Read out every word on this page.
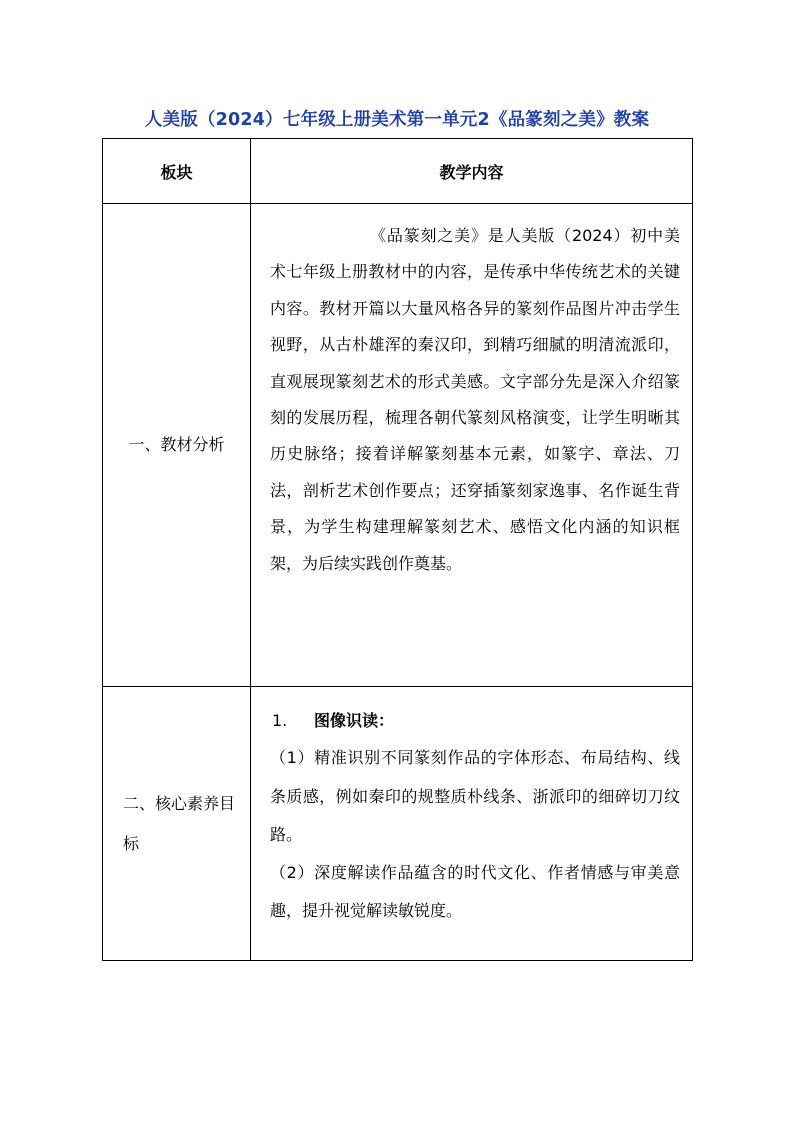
人美版（2024）七年级上册美术第一单元2《品篆刻之美》教案
板块	教学内容
一、教材分析	《品篆刻之美》是人美版（2024）初中美术七年级上册教材中的内容，是传承中华传统艺术的关键内容。教材开篇以大量风格各异的篆刻作品图片冲击学生视野，从古朴雄浑的秦汉印，到精巧细腻的明清流派印，直观展现篆刻艺术的形式美感。文字部分先是深入介绍篆刻的发展历程，梳理各朝代篆刻风格演变，让学生明晰其历史脉络；接着详解篆刻基本元素，如篆字、章法、刀法，剖析艺术创作要点；还穿插篆刻家逸事、名作诞生背景，为学生构建理解篆刻艺术、感悟文化内涵的知识框架，为后续实践创作奠基。

二、核心素养目标	1. 图像识读：
（1）精准识别不同篆刻作品的字体形态、布局结构、线条质感，例如秦印的规整质朴线条、浙派印的细碎切刀纹路。
（2）深度解读作品蕴含的时代文化、作者情感与审美意趣，提升视觉解读敏锐度。
